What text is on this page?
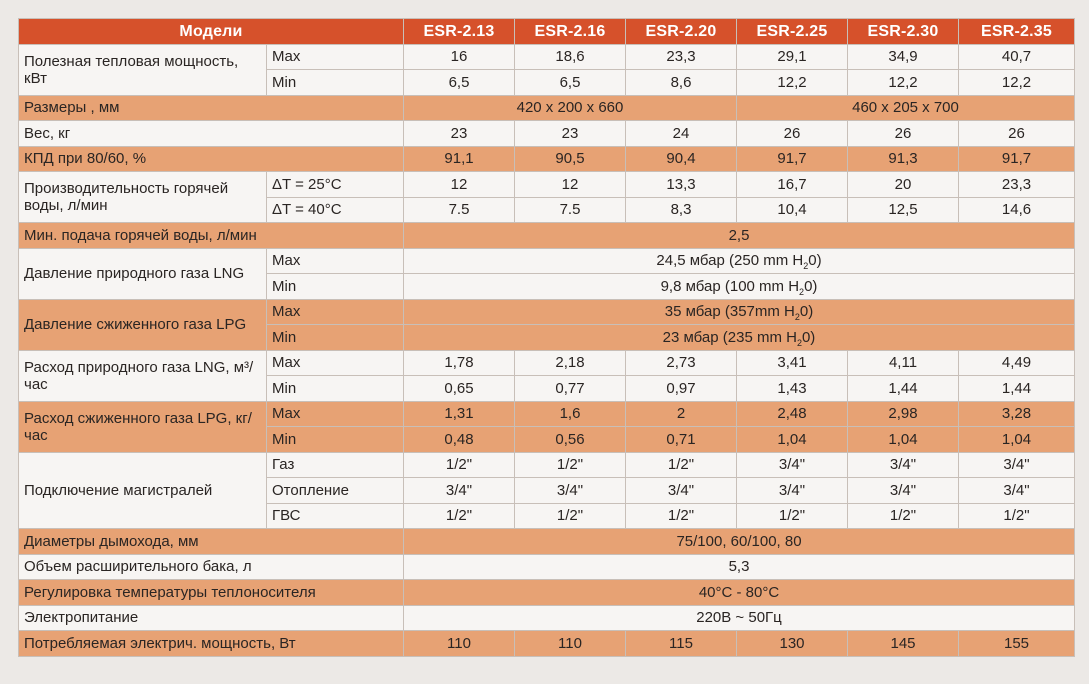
Модели		ESR-2.13	ESR-2.16	ESR-2.20	ESR-2.25	ESR-2.30	ESR-2.35
Полезная тепловая мощность, кВт	Max	16	18,6	23,3	29,1	34,9	40,7
	Min	6,5	6,5	8,6	12,2	12,2	12,2
Размеры , мм		420 x 200 x 660			460 x 205 x 700		
Вес, кг		23	23	24	26	26	26
КПД при 80/60, %		91,1	90,5	90,4	91,7	91,3	91,7
Производительность горячей воды, л/мин	ΔT = 25°C	12	12	13,3	16,7	20	23,3
	ΔT = 40°C	7.5	7.5	8,3	10,4	12,5	14,6
Мин. подача горячей воды, л/мин		2,5					
Давление природного газа LNG	Max	24,5 мбар (250 mm $H_20$)					
	Min	9,8 мбар (100 mm $H_20$)					
Давление сжиженного газа LPG	Max	35 мбар (357mm $H_20$)					
	Min	23 мбар (235 mm $H_20$)					
Расход природного газа LNG, м³/час	Max	1,78	2,18	2,73	3,41	4,11	4,49
	Min	0,65	0,77	0,97	1,43	1,44	1,44
Расход сжиженного газа LPG, кг/час	Max	1,31	1,6	2	2,48	2,98	3,28
	Min	0,48	0,56	0,71	1,04	1,04	1,04
Подключение магистралей	Газ	1/2"	1/2"	1/2"	3/4"	3/4"	3/4"
	Отопление	3/4"	3/4"	3/4"	3/4"	3/4"	3/4"
	ГВС	1/2"	1/2"	1/2"	1/2"	1/2"	1/2"
Диаметры дымохода, мм		75/100, 60/100, 80					
Объем расширительного бака, л		5,3					
Регулировка температуры теплоносителя		40°C - 80°C					
Электропитание		220В ~ 50Гц					
Потребляемая электрич. мощность, Вт		110	110	115	130	145	155
